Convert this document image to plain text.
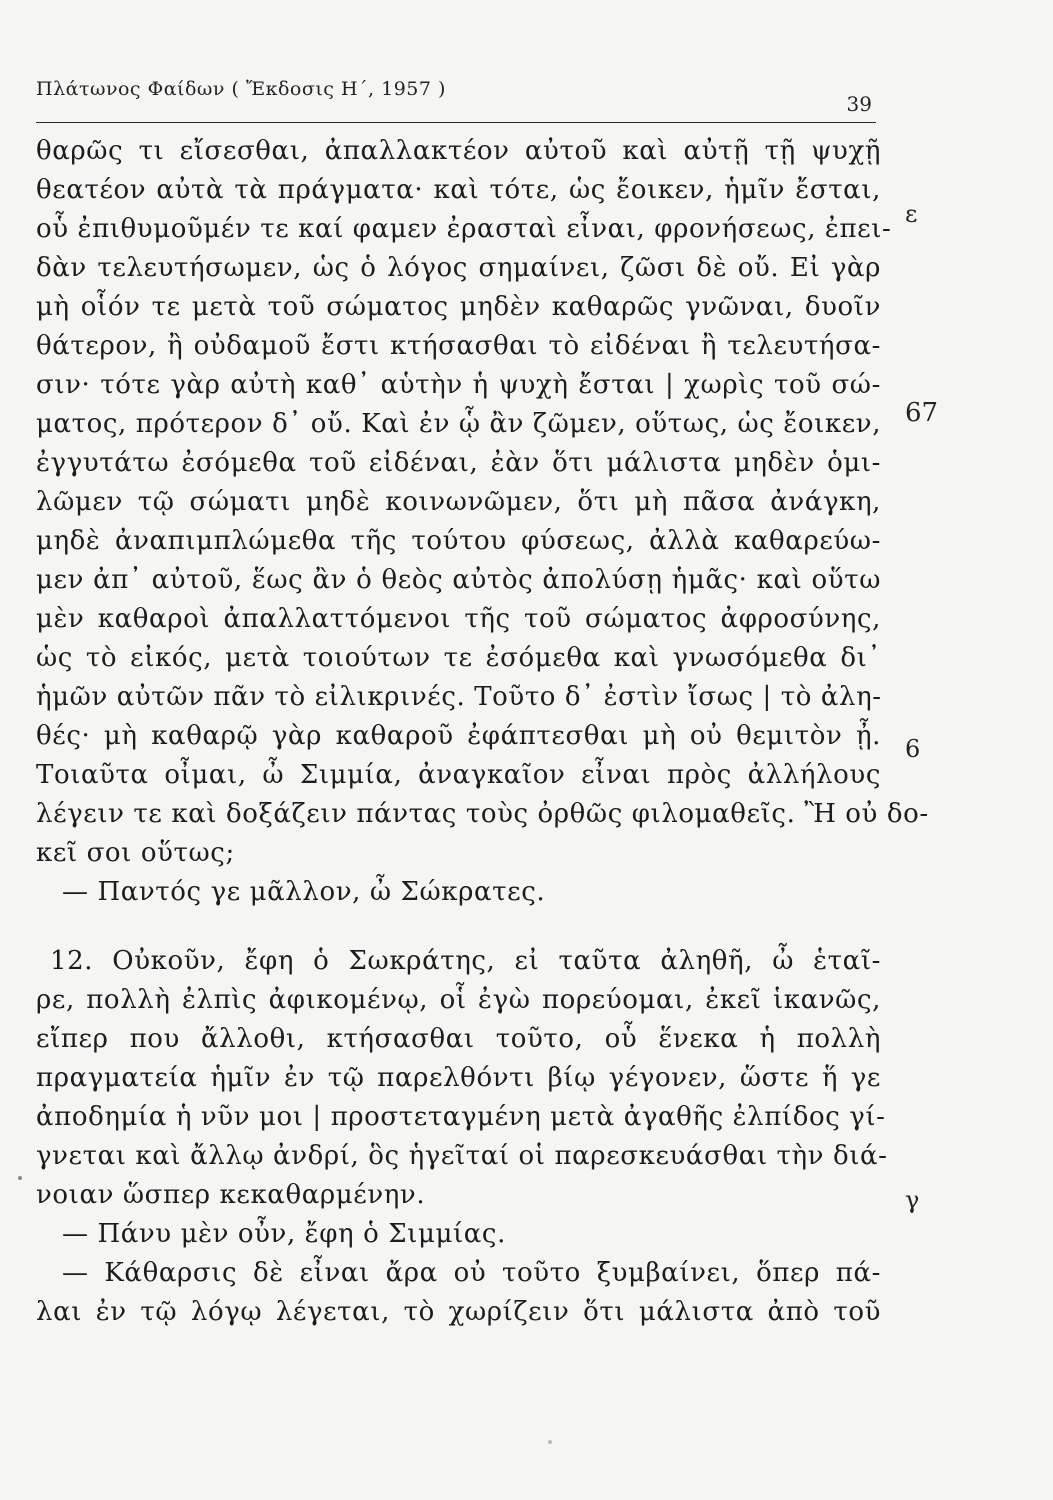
Πλάτωνος Φαίδων ( Ἔκδοσις Η΄, 1957 )
39
θαρῶς τι εἴσεσθαι, ἀπαλλακτέον αὐτοῦ καὶ αὐτῇ τῇ ψυχῇ
θεατέον αὐτὰ τὰ πράγματα· καὶ τότε, ὡς ἔοικεν, ἡμῖν ἔσται,
οὗ ἐπιθυμοῦμέν τε καί φαμεν ἐρασταὶ εἶναι, φρονήσεως, ἐπει-
δὰν τελευτήσωμεν, ὡς ὁ λόγος σημαίνει, ζῶσι δὲ οὔ. Εἰ γὰρ
μὴ οἷόν τε μετὰ τοῦ σώματος μηδὲν καθαρῶς γνῶναι, δυοῖν
θάτερον, ἢ οὐδαμοῦ ἔστι κτήσασθαι τὸ εἰδέναι ἢ τελευτήσα-
σιν· τότε γὰρ αὐτὴ καθ᾽ αὑτὴν ἡ ψυχὴ ἔσται | χωρὶς τοῦ σώ-
ματος, πρότερον δ᾽ οὔ. Καὶ ἐν ᾧ ἂν ζῶμεν, οὕτως, ὡς ἔοικεν,
ἐγγυτάτω ἐσόμεθα τοῦ εἰδέναι, ἐὰν ὅτι μάλιστα μηδὲν ὁμι-
λῶμεν τῷ σώματι μηδὲ κοινωνῶμεν, ὅτι μὴ πᾶσα ἀνάγκη,
μηδὲ ἀναπιμπλώμεθα τῆς τούτου φύσεως, ἀλλὰ καθαρεύω-
μεν ἀπ᾽ αὐτοῦ, ἕως ἂν ὁ θεὸς αὐτὸς ἀπολύσῃ ἡμᾶς· καὶ οὕτω
μὲν καθαροὶ ἀπαλλαττόμενοι τῆς τοῦ σώματος ἀφροσύνης,
ὡς τὸ εἰκός, μετὰ τοιούτων τε ἐσόμεθα καὶ γνωσόμεθα δι᾽
ἡμῶν αὐτῶν πᾶν τὸ εἰλικρινές. Τοῦτο δ᾽ ἐστὶν ἴσως | τὸ ἀλη-
θές· μὴ καθαρῷ γὰρ καθαροῦ ἐφάπτεσθαι μὴ οὐ θεμιτὸν ᾖ.
Τοιαῦτα οἶμαι, ὦ Σιμμία, ἀναγκαῖον εἶναι πρὸς ἀλλήλους
λέγειν τε καὶ δοξάζειν πάντας τοὺς ὀρθῶς φιλομαθεῖς. Ἢ οὐ δο-
κεῖ σοι οὕτως;
— Παντός γε μᾶλλον, ὦ Σώκρατες.
12. Οὐκοῦν, ἔφη ὁ Σωκράτης, εἰ ταῦτα ἀληθῆ, ὦ ἑταῖ-
ρε, πολλὴ ἐλπὶς ἀφικομένῳ, οἷ ἐγὼ πορεύομαι, ἐκεῖ ἱκανῶς,
εἴπερ που ἄλλοθι, κτήσασθαι τοῦτο, οὗ ἕνεκα ἡ πολλὴ
πραγματεία ἡμῖν ἐν τῷ παρελθόντι βίῳ γέγονεν, ὥστε ἥ γε
ἀποδημία ἡ νῦν μοι | προστεταγμένη μετὰ ἀγαθῆς ἐλπίδος γί-
γνεται καὶ ἄλλῳ ἀνδρί, ὃς ἡγεῖταί οἱ παρεσκευάσθαι τὴν διά-
νοιαν ὥσπερ κεκαθαρμένην.
— Πάνυ μὲν οὖν, ἔφη ὁ Σιμμίας.
— Κάθαρσις δὲ εἶναι ἄρα οὐ τοῦτο ξυμβαίνει, ὅπερ πά-
λαι ἐν τῷ λόγῳ λέγεται, τὸ χωρίζειν ὅτι μάλιστα ἀπὸ τοῦ
ε
67
6
γ
